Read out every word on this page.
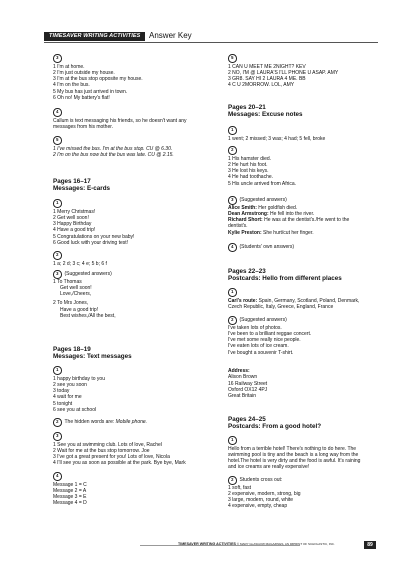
TIMESAVER WRITING ACTIVITIES	Answer Key
3
1 I'm at home.
2 I'm just outside my house.
3 I'm at the bus stop opposite my house.
4 I'm on the bus.
5 My bus has just arrived in town.
6 Oh no! My battery's flat!
4
Callum is text messaging his friends, so he doesn't want any
messages from his mother.
5
1 I've missed the bus. I'm at the bus stop. CU @ 6.30.
2 I'm on the bus now but the bus was late. CU @ 2.15.
Pages 16–17
Messages: E-cards
1
1 Merry Christmas!
2 Get well soon!
3 Happy Birthday
4 Have a good trip!
5 Congratulations on your new baby!
6 Good luck with your driving test!
2
1 a; 2 d; 3 c; 4 e; 5 b; 6 f
3	(Suggested answers)
1 To Thomas
Get well soon!
Love,/Cheers,
2 To Mrs Jones,
Have a good trip!
Best wishes,/All the best,
Pages 18–19
Messages: Text messages
1
1 happy birthday to you
2 see you soon
3 today
4 wait for me
5 tonight
6 see you at school
2	The hidden words are: Mobile phone.
3
1 See you at swimming club. Lots of love, Rachel
2 Wait for me at the bus stop tomorrow. Joe
3 I've got a great present for you! Lots of love, Nicola
4 I'll see you as soon as possible at the park. Bye bye, Mark
4
Message 1 = C
Message 2 = A
Message 3 = E
Message 4 = D
5
1 CAN U MEET ME 2NIGHT? KEV
2 NO, I'M @ LAURA'S I'LL PHONE U ASAP. AMY
3 GR8. SAY HI 2 LAURA 4 ME. BB
4 C U 2MORROW. LOL, AMY
Pages 20–21
Messages: Excuse notes
1
1 went; 2 missed; 3 was; 4 had; 5 fell, broke
2
1 His hamster died.
2 He hurt his foot.
3 He lost his keys.
4 He had toothache.
5 His uncle arrived from Africa.
3	(Suggested answers)
Alice Smith: Her goldfish died.
Dean Armstrong: He fell into the river.
Richard Short: He was at the dentist's./He went to the
dentist's.
Kylie Preston: She hurt/cut her finger.
4	(Students' own answers)
Pages 22–23
Postcards: Hello from different places
1
Carl's route: Spain, Germany, Scotland, Poland, Denmark,
Czech Republic, Italy, Greece, England, France
2	(Suggested answers)
I've taken lots of photos.
I've been to a brilliant reggae concert.
I've met some really nice people.
I've eaten lots of ice cream.
I've bought a souvenir T-shirt.
Address:
Alison Brown
16 Railway Street
Oxford OX12 4PJ
Great Britain
Pages 24–25
Postcards: From a good hotel?
1
Hello from a terrible hotel! There's nothing to do here. The
swimming pool is tiny and the beach is a long way from the
hotel.The hotel is very dirty and the food is awful. It's raining
and ice creams are really expensive!
2	Students cross out:
1 soft, fast
2 expensive, modern, strong, big
3 large, modern, round, white
4 expensive, empty, cheap
TIMESAVER WRITING ACTIVITIES © MARY GLASGOW MAGAZINES, AN IMPRINT OF SCHOLASTIC, INC.	89
